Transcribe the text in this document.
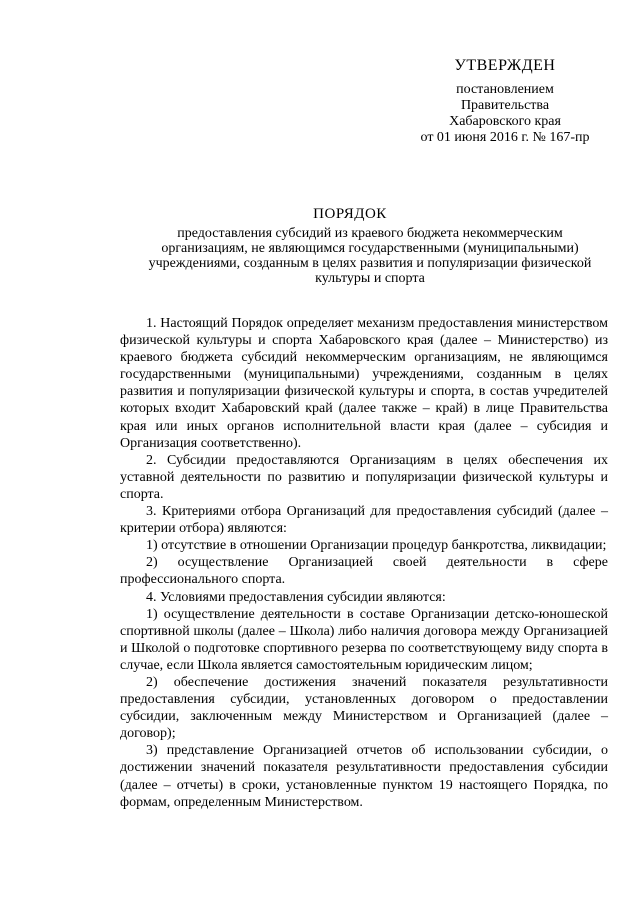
УТВЕРЖДЕН
постановлением
Правительства
Хабаровского края
от 01 июня 2016 г. № 167-пр
ПОРЯДОК
предоставления субсидий из краевого бюджета некоммерческим организациям, не являющимся государственными (муниципальными) учреждениями, созданным в целях развития и популяризации физической культуры и спорта

1. Настоящий Порядок определяет механизм предоставления министерством физической культуры и спорта Хабаровского края (далее – Министерство) из краевого бюджета субсидий некоммерческим организациям, не являющимся государственными (муниципальными) учреждениями, созданным в целях развития и популяризации физической культуры и спорта, в состав учредителей которых входит Хабаровский край (далее также – край) в лице Правительства края или иных органов исполнительной власти края (далее – субсидия и Организация соответственно).

2. Субсидии предоставляются Организациям в целях обеспечения их уставной деятельности по развитию и популяризации физической культуры и спорта.

3. Критериями отбора Организаций для предоставления субсидий (далее – критерии отбора) являются:

1) отсутствие в отношении Организации процедур банкротства, ликвидации;

2) осуществление Организацией своей деятельности в сфере профессионального спорта.

4. Условиями предоставления субсидии являются:

1) осуществление деятельности в составе Организации детско-юношеской спортивной школы (далее – Школа) либо наличия договора между Организацией и Школой о подготовке спортивного резерва по соответствующему виду спорта в случае, если Школа является самостоятельным юридическим лицом;

2) обеспечение достижения значений показателя результативности предоставления субсидии, установленных договором о предоставлении субсидии, заключенным между Министерством и Организацией (далее – договор);

3) представление Организацией отчетов об использовании субсидии, о достижении значений показателя результативности предоставления субсидии (далее – отчеты) в сроки, установленные пунктом 19 настоящего Порядка, по формам, определенным Министерством.
